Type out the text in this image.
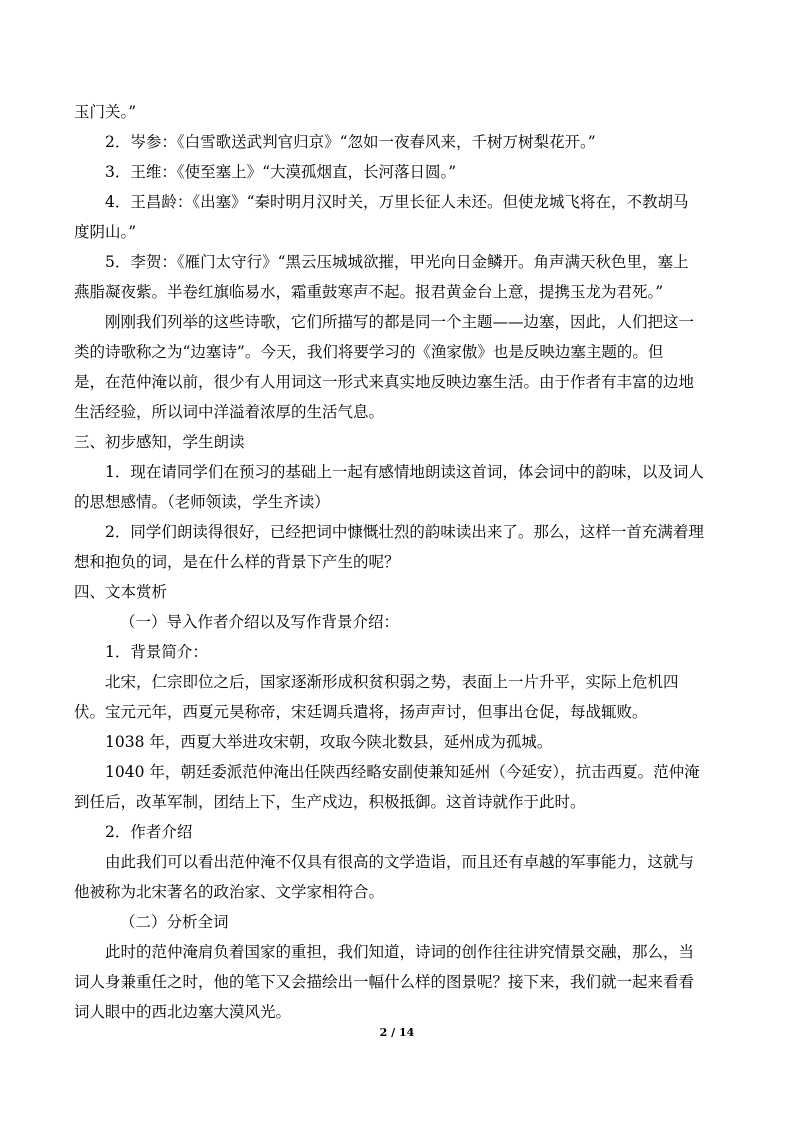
玉门关。”
2．岑参：《白雪歌送武判官归京》“忽如一夜春风来，千树万树梨花开。”
3．王维：《使至塞上》“大漠孤烟直，长河落日圆。”
4．王昌龄：《出塞》“秦时明月汉时关，万里长征人未还。但使龙城飞将在，不教胡马
度阴山。”
5．李贺：《雁门太守行》“黑云压城城欲摧，甲光向日金鳞开。角声满天秋色里，塞上
燕脂凝夜紫。半卷红旗临易水，霜重鼓寒声不起。报君黄金台上意，提携玉龙为君死。”
刚刚我们列举的这些诗歌，它们所描写的都是同一个主题——边塞，因此，人们把这一
类的诗歌称之为“边塞诗”。今天，我们将要学习的《渔家傲》也是反映边塞主题的。但
是，在范仲淹以前，很少有人用词这一形式来真实地反映边塞生活。由于作者有丰富的边地
生活经验，所以词中洋溢着浓厚的生活气息。
三、初步感知，学生朗读
1．现在请同学们在预习的基础上一起有感情地朗读这首词，体会词中的韵味，以及词人
的思想感情。（老师领读，学生齐读）
2．同学们朗读得很好，已经把词中慷慨壮烈的韵味读出来了。那么，这样一首充满着理
想和抱负的词，是在什么样的背景下产生的呢？
四、文本赏析
（一）导入作者介绍以及写作背景介绍：
1．背景简介：
北宋，仁宗即位之后，国家逐渐形成积贫积弱之势，表面上一片升平，实际上危机四
伏。宝元元年，西夏元昊称帝，宋廷调兵遣将，扬声声讨，但事出仓促，每战辄败。
1038 年，西夏大举进攻宋朝，攻取今陕北数县，延州成为孤城。
1040 年，朝廷委派范仲淹出任陕西经略安副使兼知延州（今延安），抗击西夏。范仲淹
到任后，改革军制，团结上下，生产戍边，积极抵御。这首诗就作于此时。
2．作者介绍
由此我们可以看出范仲淹不仅具有很高的文学造诣，而且还有卓越的军事能力，这就与
他被称为北宋著名的政治家、文学家相符合。
（二）分析全词
此时的范仲淹肩负着国家的重担，我们知道，诗词的创作往往讲究情景交融，那么，当
词人身兼重任之时，他的笔下又会描绘出一幅什么样的图景呢？接下来，我们就一起来看看
词人眼中的西北边塞大漠风光。
2 / 14
